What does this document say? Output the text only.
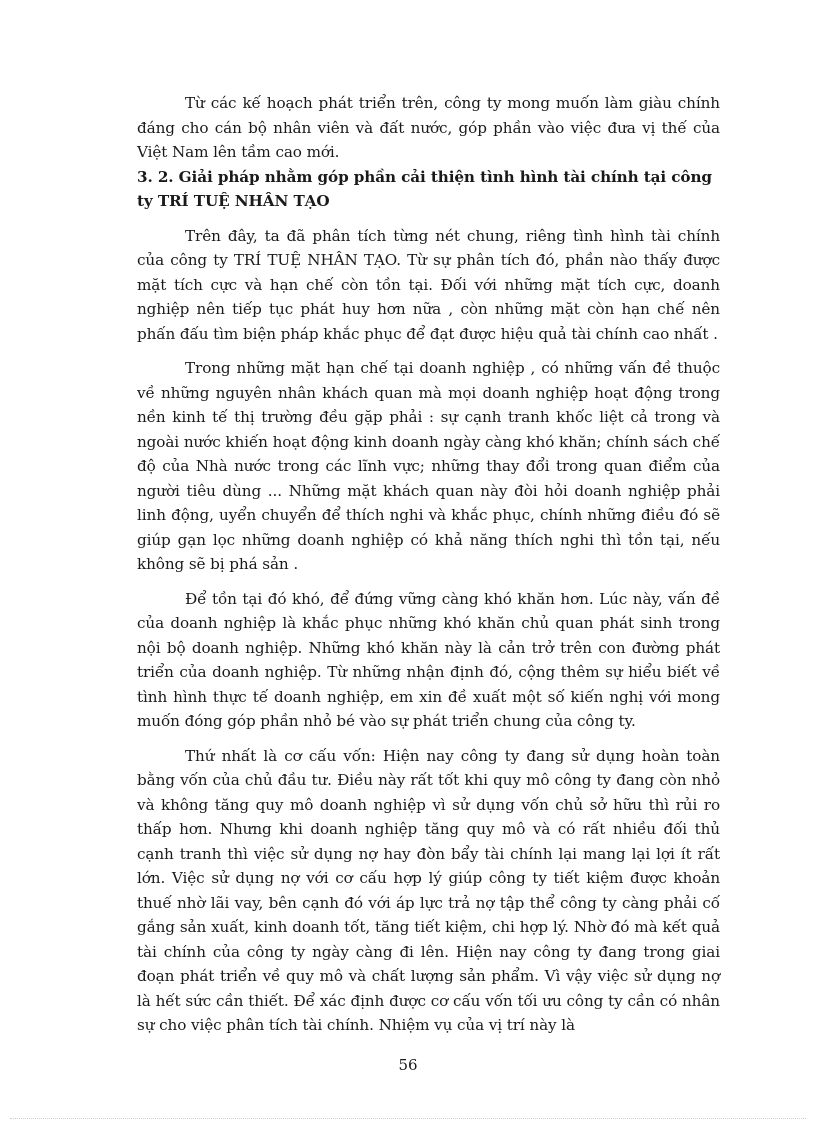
Từ các kế hoạch phát triển trên, công ty mong muốn làm giàu chính đáng cho cán bộ nhân viên và đất nước, góp phần vào việc đưa vị thế của Việt Nam lên tầm cao mới.

3. 2. Giải pháp nhằm góp phần cải thiện tình hình tài chính tại công ty TRÍ TUỆ NHÂN TẠO

Trên đây, ta đã phân tích từng nét chung, riêng tình hình tài chính của công ty TRÍ TUỆ NHÂN TẠO. Từ sự phân tích đó, phần nào thấy được mặt tích cực và hạn chế còn tồn tại. Đối với những mặt tích cực, doanh nghiệp nên tiếp tục phát huy hơn nữa , còn những mặt còn hạn chế nên phấn đấu tìm biện pháp khắc phục để đạt được hiệu quả tài chính cao nhất .

Trong những mặt hạn chế tại doanh nghiệp , có những vấn đề thuộc về những nguyên nhân khách quan mà mọi doanh nghiệp hoạt động trong nền kinh tế thị trường đều gặp phải : sự cạnh tranh khốc liệt cả trong và ngoài nước khiến hoạt động kinh doanh ngày càng khó khăn; chính sách chế độ của Nhà nước trong các lĩnh vực; những thay đổi trong quan điểm của người tiêu dùng ... Những mặt khách quan này đòi hỏi doanh nghiệp phải linh động, uyển chuyển để thích nghi và khắc phục, chính những điều đó sẽ giúp gạn lọc những doanh nghiệp có khả năng thích nghi thì tồn tại, nếu không sẽ bị phá sản .

Để tồn tại đó khó, để đứng vững càng khó khăn hơn. Lúc này, vấn đề của doanh nghiệp là khắc phục những khó khăn chủ quan phát sinh trong nội bộ doanh nghiệp. Những khó khăn này là cản trở trên con đường phát triển của doanh nghiệp. Từ những nhận định đó, cộng thêm sự hiểu biết về tình hình thực tế doanh nghiệp, em xin đề xuất một số kiến nghị với mong muốn đóng góp phần nhỏ bé vào sự phát triển chung của công ty.

Thứ nhất là cơ cấu vốn: Hiện nay công ty đang sử dụng hoàn toàn bằng vốn của chủ đầu tư. Điều này rất tốt khi quy mô công ty đang còn nhỏ và không tăng quy mô doanh nghiệp vì sử dụng vốn chủ sở hữu thì rủi ro thấp hơn. Nhưng khi doanh nghiệp tăng quy mô và có rất nhiều đối thủ cạnh tranh thì việc sử dụng nợ hay đòn bẩy tài chính lại mang lại lợi ít rất lớn. Việc sử dụng nợ với cơ cấu hợp lý giúp công ty tiết kiệm được khoản thuế nhờ lãi vay, bên cạnh đó với áp lực trả nợ tập thể công ty càng phải cố gắng sản xuất, kinh doanh tốt, tăng tiết kiệm, chi hợp lý. Nhờ đó mà kết quả tài chính của công ty ngày càng đi lên. Hiện nay công ty đang trong giai đoạn phát triển về quy mô và chất lượng sản phẩm. Vì vậy việc sử dụng nợ là hết sức cần thiết. Để xác định được cơ cấu vốn tối ưu công ty cần có nhân sự cho việc phân tích tài chính. Nhiệm vụ của vị trí này là

56
